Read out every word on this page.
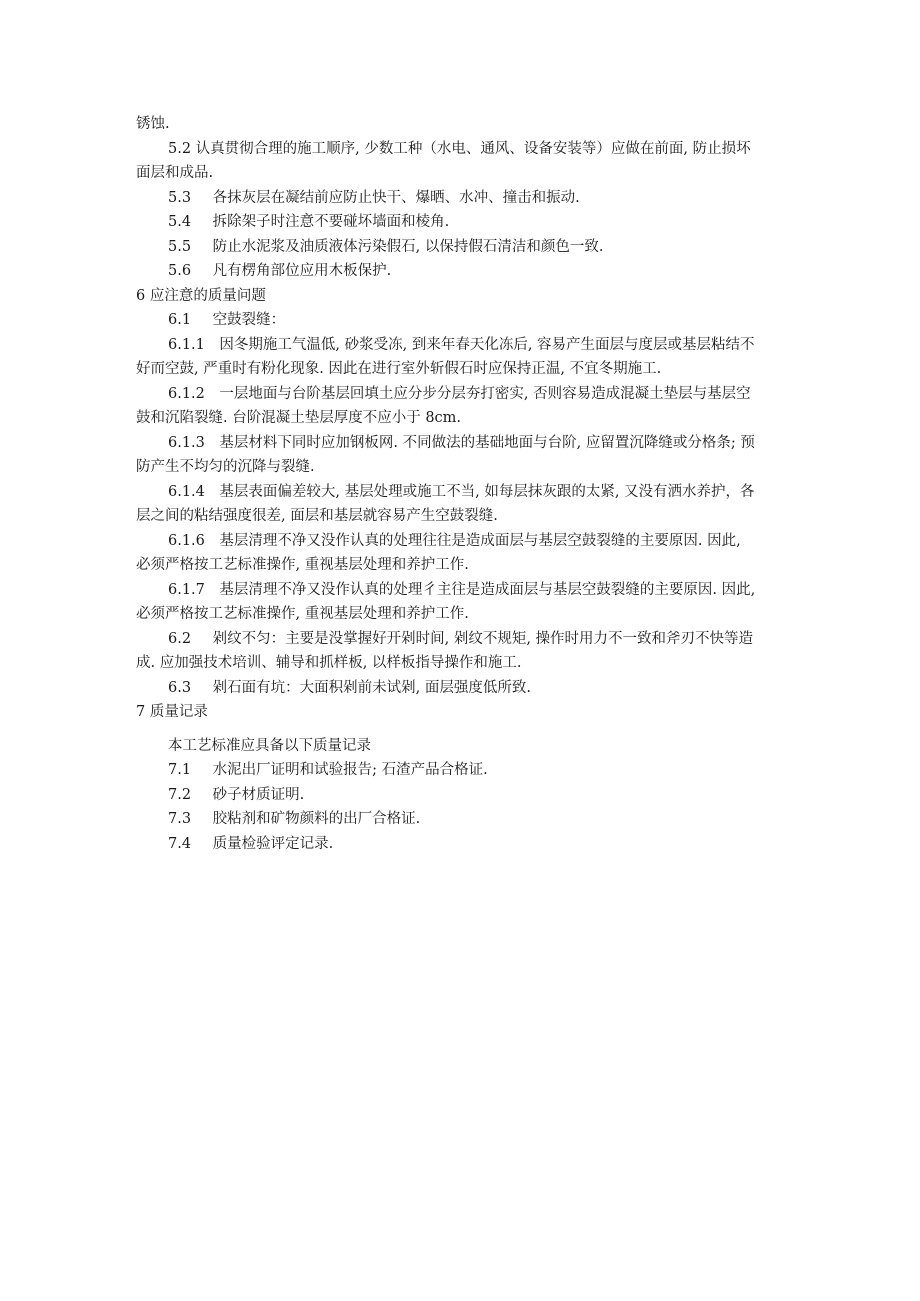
锈蚀.
5.2 认真贯彻合理的施工顺序, 少数工种（水电、通风、设备安装等）应做在前面, 防止损坏
面层和成品.
5.3 各抹灰层在凝结前应防止快干、爆晒、水冲、撞击和振动.
5.4 拆除架子时注意不要碰坏墙面和棱角.
5.5 防止水泥浆及油质液体污染假石, 以保持假石清洁和颜色一致.
5.6 凡有楞角部位应用木板保护.
6 应注意的质量问题
6.1 空鼓裂缝：
6.1.1　因冬期施工气温低, 砂浆受冻, 到来年春天化冻后, 容易产生面层与度层或基层粘结不
好而空鼓, 严重时有粉化现象. 因此在进行室外斩假石时应保持正温, 不宜冬期施工.
6.1.2　一层地面与台阶基层回填土应分步分层夯打密实, 否则容易造成混凝土垫层与基层空
鼓和沉陷裂缝. 台阶混凝土垫层厚度不应小于 8cm.
6.1.3　基层材料下同时应加钢板网. 不同做法的基础地面与台阶, 应留置沉降缝或分格条; 预
防产生不均匀的沉降与裂缝.
6.1.4　基层表面偏差较大, 基层处理或施工不当, 如每层抹灰跟的太紧, 又没有洒水养护，各
层之间的粘结强度很差, 面层和基层就容易产生空鼓裂缝.
6.1.6　基层清理不净又没作认真的处理往往是造成面层与基层空鼓裂缝的主要原因. 因此,
必须严格按工艺标准操作, 重视基层处理和养护工作.
6.1.7　基层清理不净又没作认真的处理彳主往是造成面层与基层空鼓裂缝的主要原因. 因此,
必须严格按工艺标准操作, 重视基层处理和养护工作.
6.2 剁纹不匀：主要是没掌握好开剁时间, 剁纹不规矩, 操作时用力不一致和斧刃不快等造
成. 应加强技术培训、辅导和抓样板, 以样板指导操作和施工.
6.3 剁石面有坑：大面积剁前未试剁, 面层强度低所致.
7 质量记录
本工艺标准应具备以下质量记录
7.1 水泥出厂证明和试验报告; 石渣产品合格证.
7.2 砂子材质证明.
7.3 胶粘剂和矿物颜料的出厂合格证.
7.4 质量检验评定记录.
